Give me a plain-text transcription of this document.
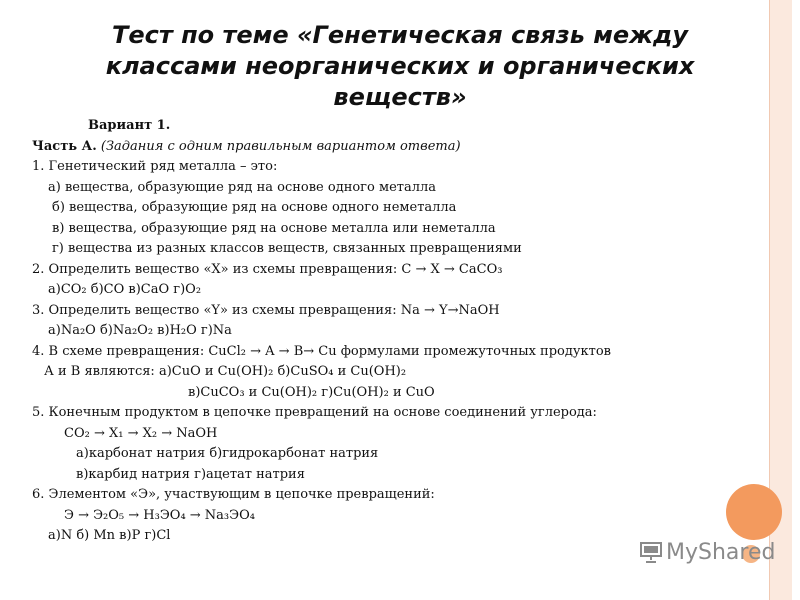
Тест по теме «Генетическая связь между классами неорганических и органических веществ»
Вариант 1.
Часть А. (Задания с одним правильным вариантом ответа)
1. Генетический ряд металла – это:
а) вещества, образующие ряд на основе одного металла
б) вещества, образующие ряд на основе одного неметалла
в) вещества, образующие ряд на основе металла или неметалла
г) вещества из разных классов веществ, связанных превращениями
2. Определить вещество «Х» из схемы превращения: С → Х → СаСО₃
а)СО₂ б)СО в)СаО г)О₂
3. Определить вещество «Y» из схемы превращения: Na → Y→NaOH
а)Na₂O б)Na₂O₂ в)H₂O г)Na
4. В схеме превращения: CuCl₂ → A → B→ Cu формулами промежуточных продуктов
А и В являются: а)CuO и Cu(OH)₂ б)CuSO₄ и Cu(OH)₂
в)CuCO₃ и Cu(OH)₂ г)Cu(OH)₂ и CuO
5. Конечным продуктом в цепочке превращений на основе соединений углерода:
CO₂ → X₁ → X₂ → NaOH
а)карбонат натрия б)гидрокарбонат натрия
в)карбид натрия г)ацетат натрия
6. Элементом «Э», участвующим в цепочке превращений:
Э → Э₂О₅ → Н₃ЭО₄ → Na₃ЭО₄
а)N б) Mn в)P г)Cl
MyShared
